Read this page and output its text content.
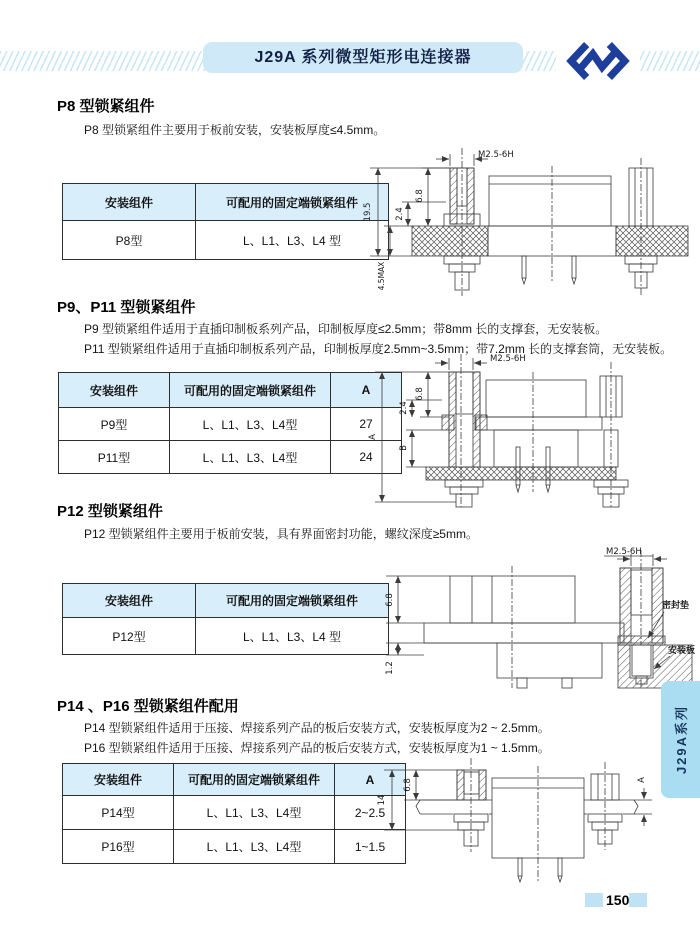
J29A 系列微型矩形电连接器
P8 型锁紧组件
P8 型锁紧组件主要用于板前安装，安装板厚度≤4.5mm。
安装组件	可配用的固定端锁紧组件
P8型	L、L1、L3、L4 型
M2.5-6H
19.5	2.4
6.8
4.5MAX
P9、P11 型锁紧组件
P9 型锁紧组件适用于直插印制板系列产品，印制板厚度≤2.5mm；带8mm 长的支撑套，无安装板。
P11 型锁紧组件适用于直插印制板系列产品，印制板厚度2.5mm~3.5mm；带7.2mm 长的支撑套筒，无安装板。
安装组件	可配用的固定端锁紧组件	A
P9型	L、L1、L3、L4型	27
P11型	L、L1、L3、L4型	24
M2.5-6H
A
6.8
2.4
B
P12 型锁紧组件
P12 型锁紧组件主要用于板前安装，具有界面密封功能，螺纹深度≥5mm。
安装组件	可配用的固定端锁紧组件
P12型	L、L1、L3、L4 型
M2.5-6H
6.8
1.2
密封垫
安装板
P14 、P16 型锁紧组件配用
P14 型锁紧组件适用于压接、焊接系列产品的板后安装方式，安装板厚度为2 ~ 2.5mm。
P16 型锁紧组件适用于压接、焊接系列产品的板后安装方式，安装板厚度为1 ~ 1.5mm。
安装组件	可配用的固定端锁紧组件	A
P14型	L、L1、L3、L4型	2~2.5
P16型	L、L1、L3、L4型	1~1.5
14
6.8	A
J29A系列
150
